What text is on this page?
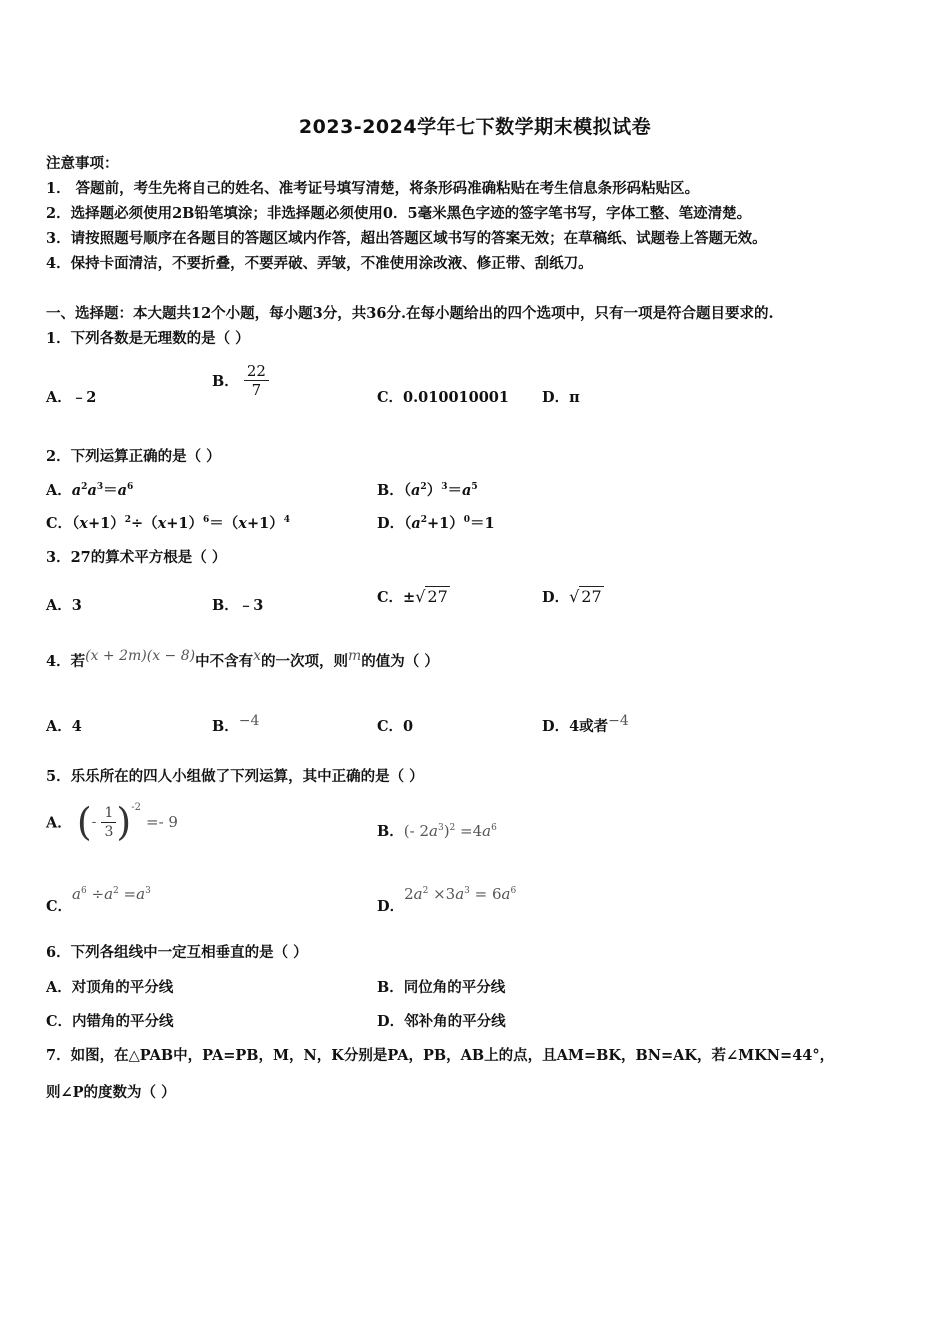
2023-2024学年七下数学期末模拟试卷
注意事项：
1． 答题前，考生先将自己的姓名、准考证号填写清楚，将条形码准确粘贴在考生信息条形码粘贴区。
2．选择题必须使用2B铅笔填涂；非选择题必须使用0．5毫米黑色字迹的签字笔书写，字体工整、笔迹清楚。
3．请按照题号顺序在各题目的答题区域内作答，超出答题区域书写的答案无效；在草稿纸、试题卷上答题无效。
4．保持卡面清洁，不要折叠，不要弄破、弄皱，不准使用涂改液、修正带、刮纸刀。
一、选择题：本大题共12个小题，每小题3分，共36分.在每小题给出的四个选项中，只有一项是符合题目要求的.
1．下列各数是无理数的是（ ）
A．﹣2
B． $\frac{22}{7}$	C．0.010010001 D．π
2．下列运算正确的是（ ）
A．$a^2a^3=a^6$	B．$(a^2)^3=a^5$
C．$(x+1)^2\div(x+1)^6=(x+1)^4$	D．$(a^2+1)^0=1$
3．27的算术平方根是（ ）
A．3	B．﹣3	C．±√ 27	D．√ 27
4．若(x + 2m)(x − 8)中不含有x的一次项，则m的值为（ ）
A．4	B．−4	C．0	D．4或者−4
5．乐乐所在的四人小组做了下列运算，其中正确的是（ ）
A． (- $\frac{1}{3} )^{-2} =- 9$
B．(- $2a^3)^2 =4a^6$
C．$a^6 \div a^2 =a^3$
D．$2a^2 \times 3a^3 = 6a^6$
6．下列各组线中一定互相垂直的是（ ）
A．对顶角的平分线	B．同位角的平分线
C．内错角的平分线	D．邻补角的平分线
7．如图，在△PAB中，PA=PB，M，N，K分别是PA，PB，AB上的点，且AM=BK，BN=AK，若∠MKN=44°，
则∠P的度数为（ ）
